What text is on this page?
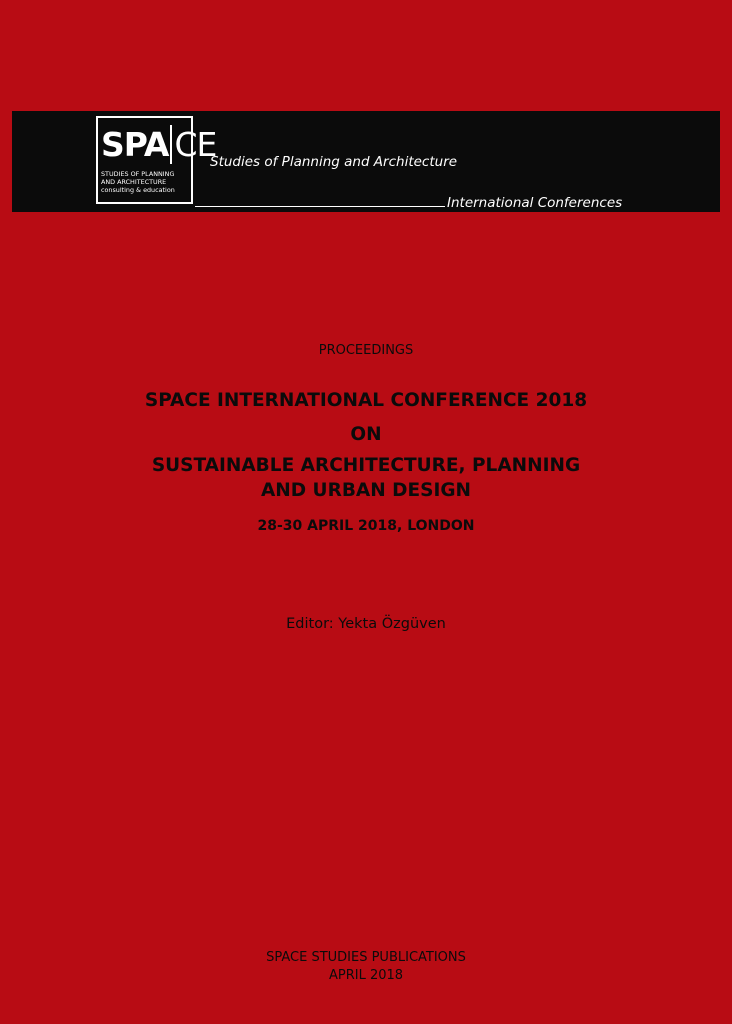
SPA CE
STUDIES OF PLANNING
AND ARCHITECTURE
consulting & education
Studies of Planning and Architecture
International Conferences
PROCEEDINGS
SPACE INTERNATIONAL CONFERENCE 2018
ON
SUSTAINABLE ARCHITECTURE, PLANNING
AND URBAN DESIGN
28-30 APRIL 2018, LONDON
Editor: Yekta Özgüven
SPACE STUDIES PUBLICATIONS
APRIL 2018
